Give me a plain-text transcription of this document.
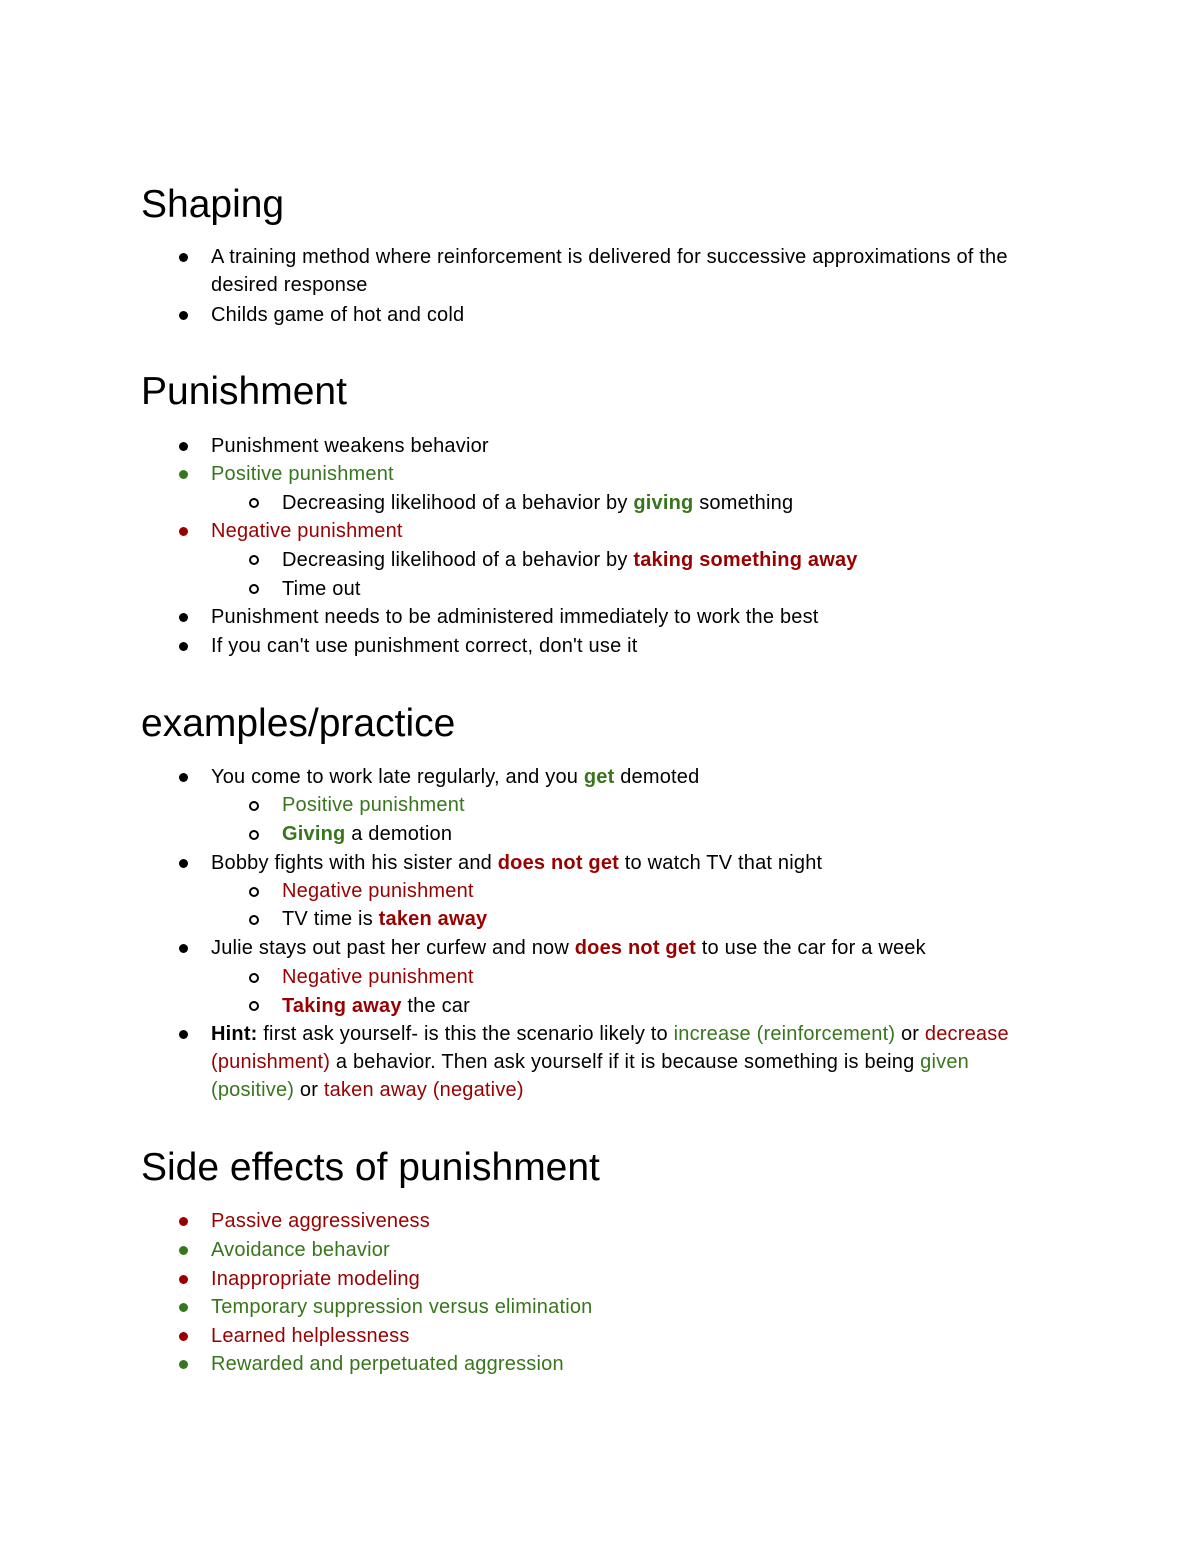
Shaping
A training method where reinforcement is delivered for successive approximations of the
desired response
Childs game of hot and cold
Punishment
Punishment weakens behavior
Positive punishment
Decreasing likelihood of a behavior by giving something
Negative punishment
Decreasing likelihood of a behavior by taking something away
Time out
Punishment needs to be administered immediately to work the best
If you can't use punishment correct, don't use it
examples/practice
You come to work late regularly, and you get demoted
Positive punishment
Giving a demotion
Bobby fights with his sister and does not get to watch TV that night
Negative punishment
TV time is taken away
Julie stays out past her curfew and now does not get to use the car for a week
Negative punishment
Taking away the car
Hint: first ask yourself- is this the scenario likely to increase (reinforcement) or decrease
(punishment) a behavior. Then ask yourself if it is because something is being given
(positive) or taken away (negative)
Side effects of punishment
Passive aggressiveness
Avoidance behavior
Inappropriate modeling
Temporary suppression versus elimination
Learned helplessness
Rewarded and perpetuated aggression
